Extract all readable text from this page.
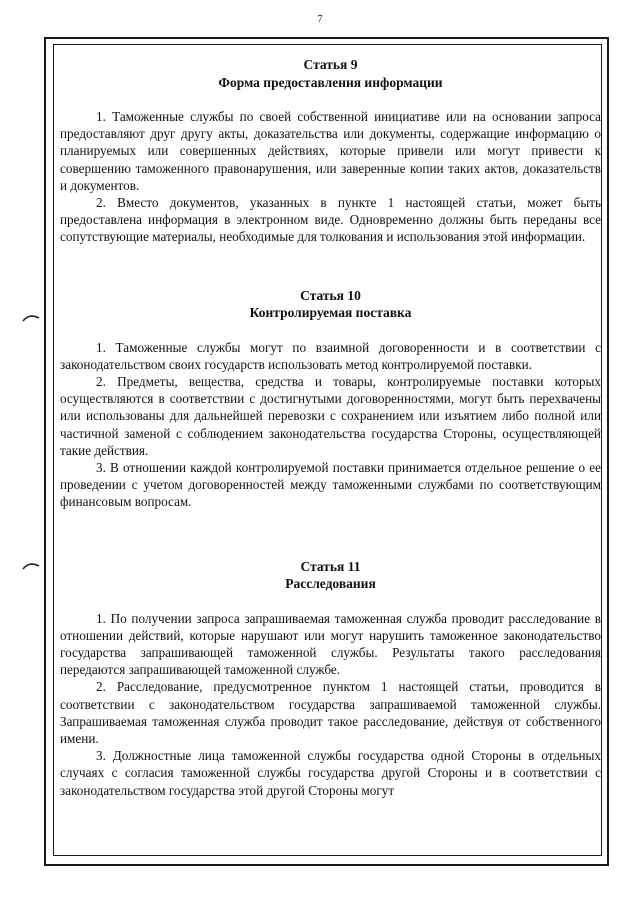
7
Статья 9
Форма предоставления информации

1. Таможенные службы по своей собственной инициативе или на основании запроса предоставляют друг другу акты, доказательства или документы, содержащие информацию о планируемых или совершенных действиях, которые привели или могут привести к совершению таможенного правонарушения, или заверенные копии таких актов, доказательств и документов.

2. Вместо документов, указанных в пункте 1 настоящей статьи, может быть предоставлена информация в электронном виде. Одновременно должны быть переданы все сопутствующие материалы, необходимые для толкования и использования этой информации.

Статья 10
Контролируемая поставка

1. Таможенные службы могут по взаимной договоренности и в соответствии с законодательством своих государств использовать метод контролируемой поставки.

2. Предметы, вещества, средства и товары, контролируемые поставки которых осуществляются в соответствии с достигнутыми договоренностями, могут быть перехвачены или использованы для дальнейшей перевозки с сохранением или изъятием либо полной или частичной заменой с соблюдением законодательства государства Стороны, осуществляющей такие действия.

3. В отношении каждой контролируемой поставки принимается отдельное решение о ее проведении с учетом договоренностей между таможенными службами по соответствующим финансовым вопросам.

Статья 11
Расследования

1. По получении запроса запрашиваемая таможенная служба проводит расследование в отношении действий, которые нарушают или могут нарушить таможенное законодательство государства запрашивающей таможенной службы. Результаты такого расследования передаются запрашивающей таможенной службе.

2. Расследование, предусмотренное пунктом 1 настоящей статьи, проводится в соответствии с законодательством государства запрашиваемой таможенной службы. Запрашиваемая таможенная служба проводит такое расследование, действуя от собственного имени.

3. Должностные лица таможенной службы государства одной Стороны в отдельных случаях с согласия таможенной службы государства другой Стороны и в соответствии с законодательством государства этой другой Стороны могут
